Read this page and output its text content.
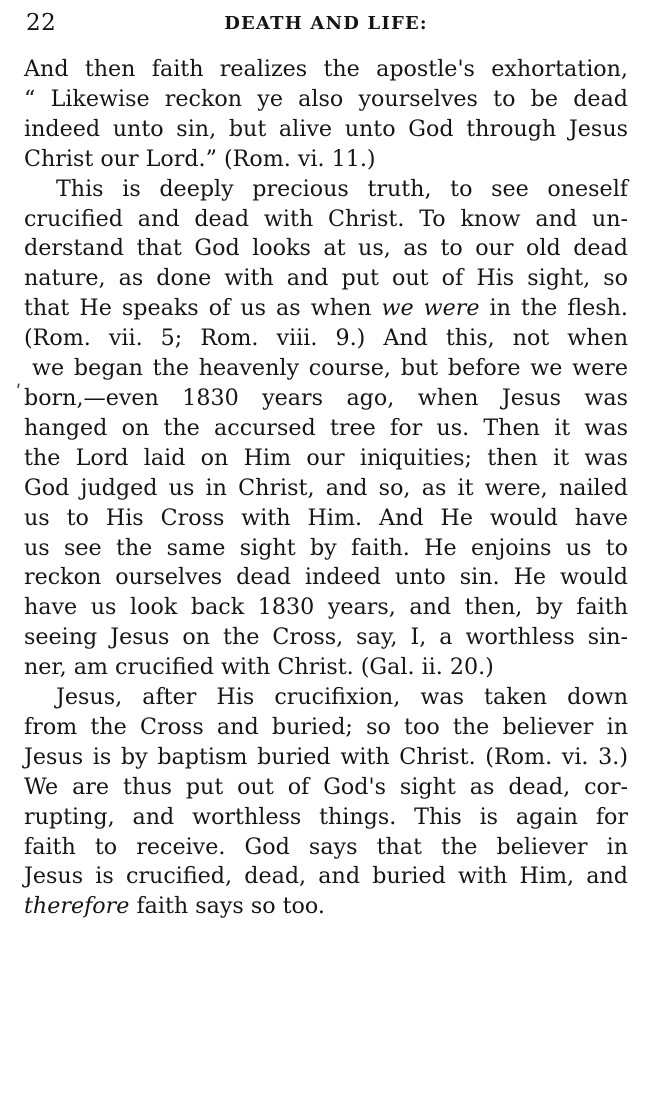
22	DEATH AND LIFE:
ʹ
And then faith realizes the apostle's exhortation,
“ Likewise reckon ye also yourselves to be dead
indeed unto sin, but alive unto God through Jesus
Christ our Lord.” (Rom. vi. 11.)
This is deeply precious truth, to see oneself
crucified and dead with Christ. To know and un-
derstand that God looks at us, as to our old dead
nature, as done with and put out of His sight, so
that He speaks of us as when we were in the flesh.
(Rom. vii. 5; Rom. viii. 9.) And this, not when
we began the heavenly course, but before we were
born,—even 1830 years ago, when Jesus was
hanged on the accursed tree for us. Then it was
the Lord laid on Him our iniquities; then it was
God judged us in Christ, and so, as it were, nailed
us to His Cross with Him. And He would have
us see the same sight by faith. He enjoins us to
reckon ourselves dead indeed unto sin. He would
have us look back 1830 years, and then, by faith
seeing Jesus on the Cross, say, I, a worthless sin-
ner, am crucified with Christ. (Gal. ii. 20.)
Jesus, after His crucifixion, was taken down
from the Cross and buried; so too the believer in
Jesus is by baptism buried with Christ. (Rom. vi. 3.)
We are thus put out of God's sight as dead, cor-
rupting, and worthless things. This is again for
faith to receive. God says that the believer in
Jesus is crucified, dead, and buried with Him, and
therefore faith says so too.
